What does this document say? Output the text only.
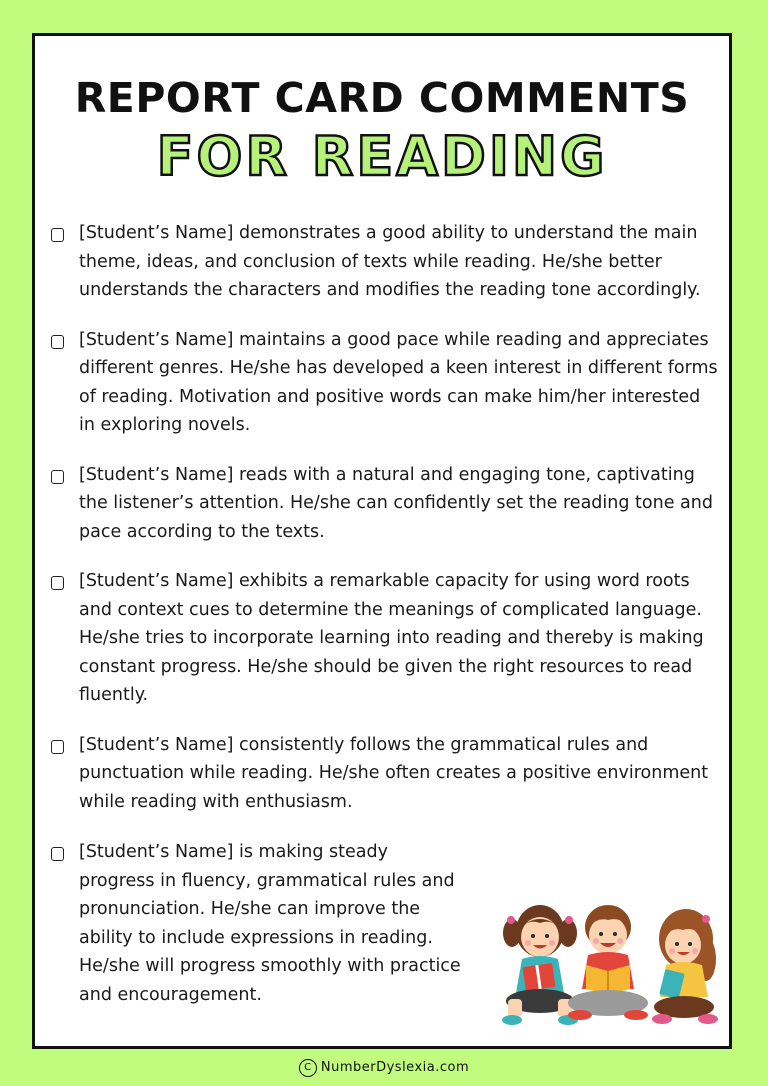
REPORT CARD COMMENTS
FOR READING
[Student’s Name] demonstrates a good ability to understand the main theme, ideas, and conclusion of texts while reading. He/she better understands the characters and modifies the reading tone accordingly.
[Student’s Name] maintains a good pace while reading and appreciates different genres. He/she has developed a keen interest in different forms of reading. Motivation and positive words can make him/her interested in exploring novels.
[Student’s Name] reads with a natural and engaging tone, captivating the listener’s attention. He/she can confidently set the reading tone and pace according to the texts.
[Student’s Name] exhibits a remarkable capacity for using word roots and context cues to determine the meanings of complicated language. He/she tries to incorporate learning into reading and thereby is making constant progress. He/she should be given the right resources to read fluently.
[Student’s Name] consistently follows the grammatical rules and punctuation while reading. He/she often creates a positive environment while reading with enthusiasm.
[Student’s Name] is making steady progress in fluency, grammatical rules and pronunciation. He/she can improve the ability to include expressions in reading. He/she will progress smoothly with practice and encouragement.
C NumberDyslexia.com
